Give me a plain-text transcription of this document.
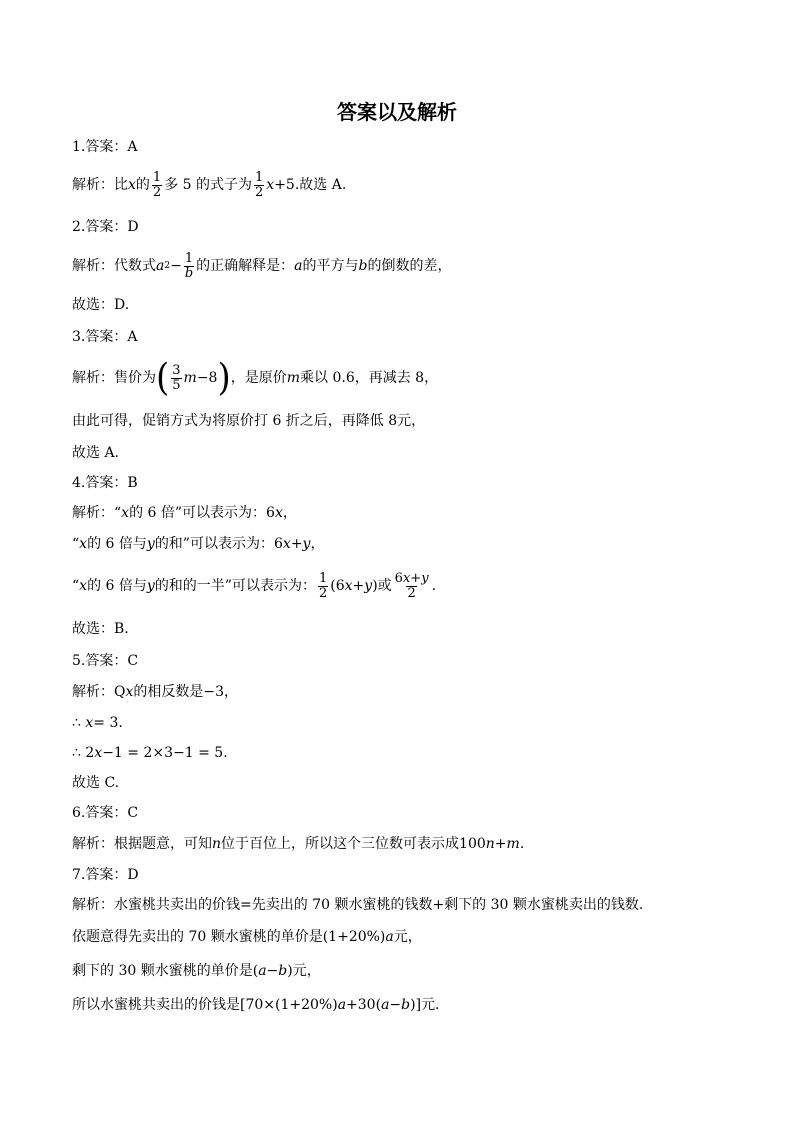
答案以及解析
1.答案：A
解析：比 x 的 $\frac{1}{2}$ 多 5 的式子为 $\frac{1}{2}$ x +5 .故选 A.
2.答案：D
解析：代数式 a $2 - \frac{1}{b}$ 的正确解释是： a 的平方与 b 的倒数的差，
故选：D.
3.答案：A
解析：售价为 ( $\frac{3}{5}$ m −8 ) ，是原价 m 乘以 0.6，再减去 8，
由此可得，促销方式为将原价打 6 折之后，再降低 8元，
故选 A.
4.答案：B
解析：“ x 的 6 倍”可以表示为： 6 x ，
“ x 的 6 倍与 y 的和”可以表示为： 6 x + y ，
“ x 的 6 倍与 y 的和的一半”可以表示为： $\frac{1}{2} (6$ x + y ) 或 $\frac{6x+y}{2}$ .
故选：B.
5.答案：C
解析： Q x 的相反数是 −3 ，
∴
x = 3 .
∴
2 x −1 = 2×3−1 = 5 .
故选 C.
6.答案：C
解析：根据题意，可知 n 位于百位上，所以这个三位数可表示成 100 n + m .
7.答案：D
解析：水蜜桃共卖出的价钱=先卖出的 70 颗水蜜桃的钱数+剩下的 30 颗水蜜桃卖出的钱数.
依题意得先卖出的 70 颗水蜜桃的单价是 (1+20%) a 元，
剩下的 30 颗水蜜桃的单价是 ( a − b ) 元，
所以水蜜桃共卖出的价钱是 [70×(1+20%) a +30( a − b )] 元.
